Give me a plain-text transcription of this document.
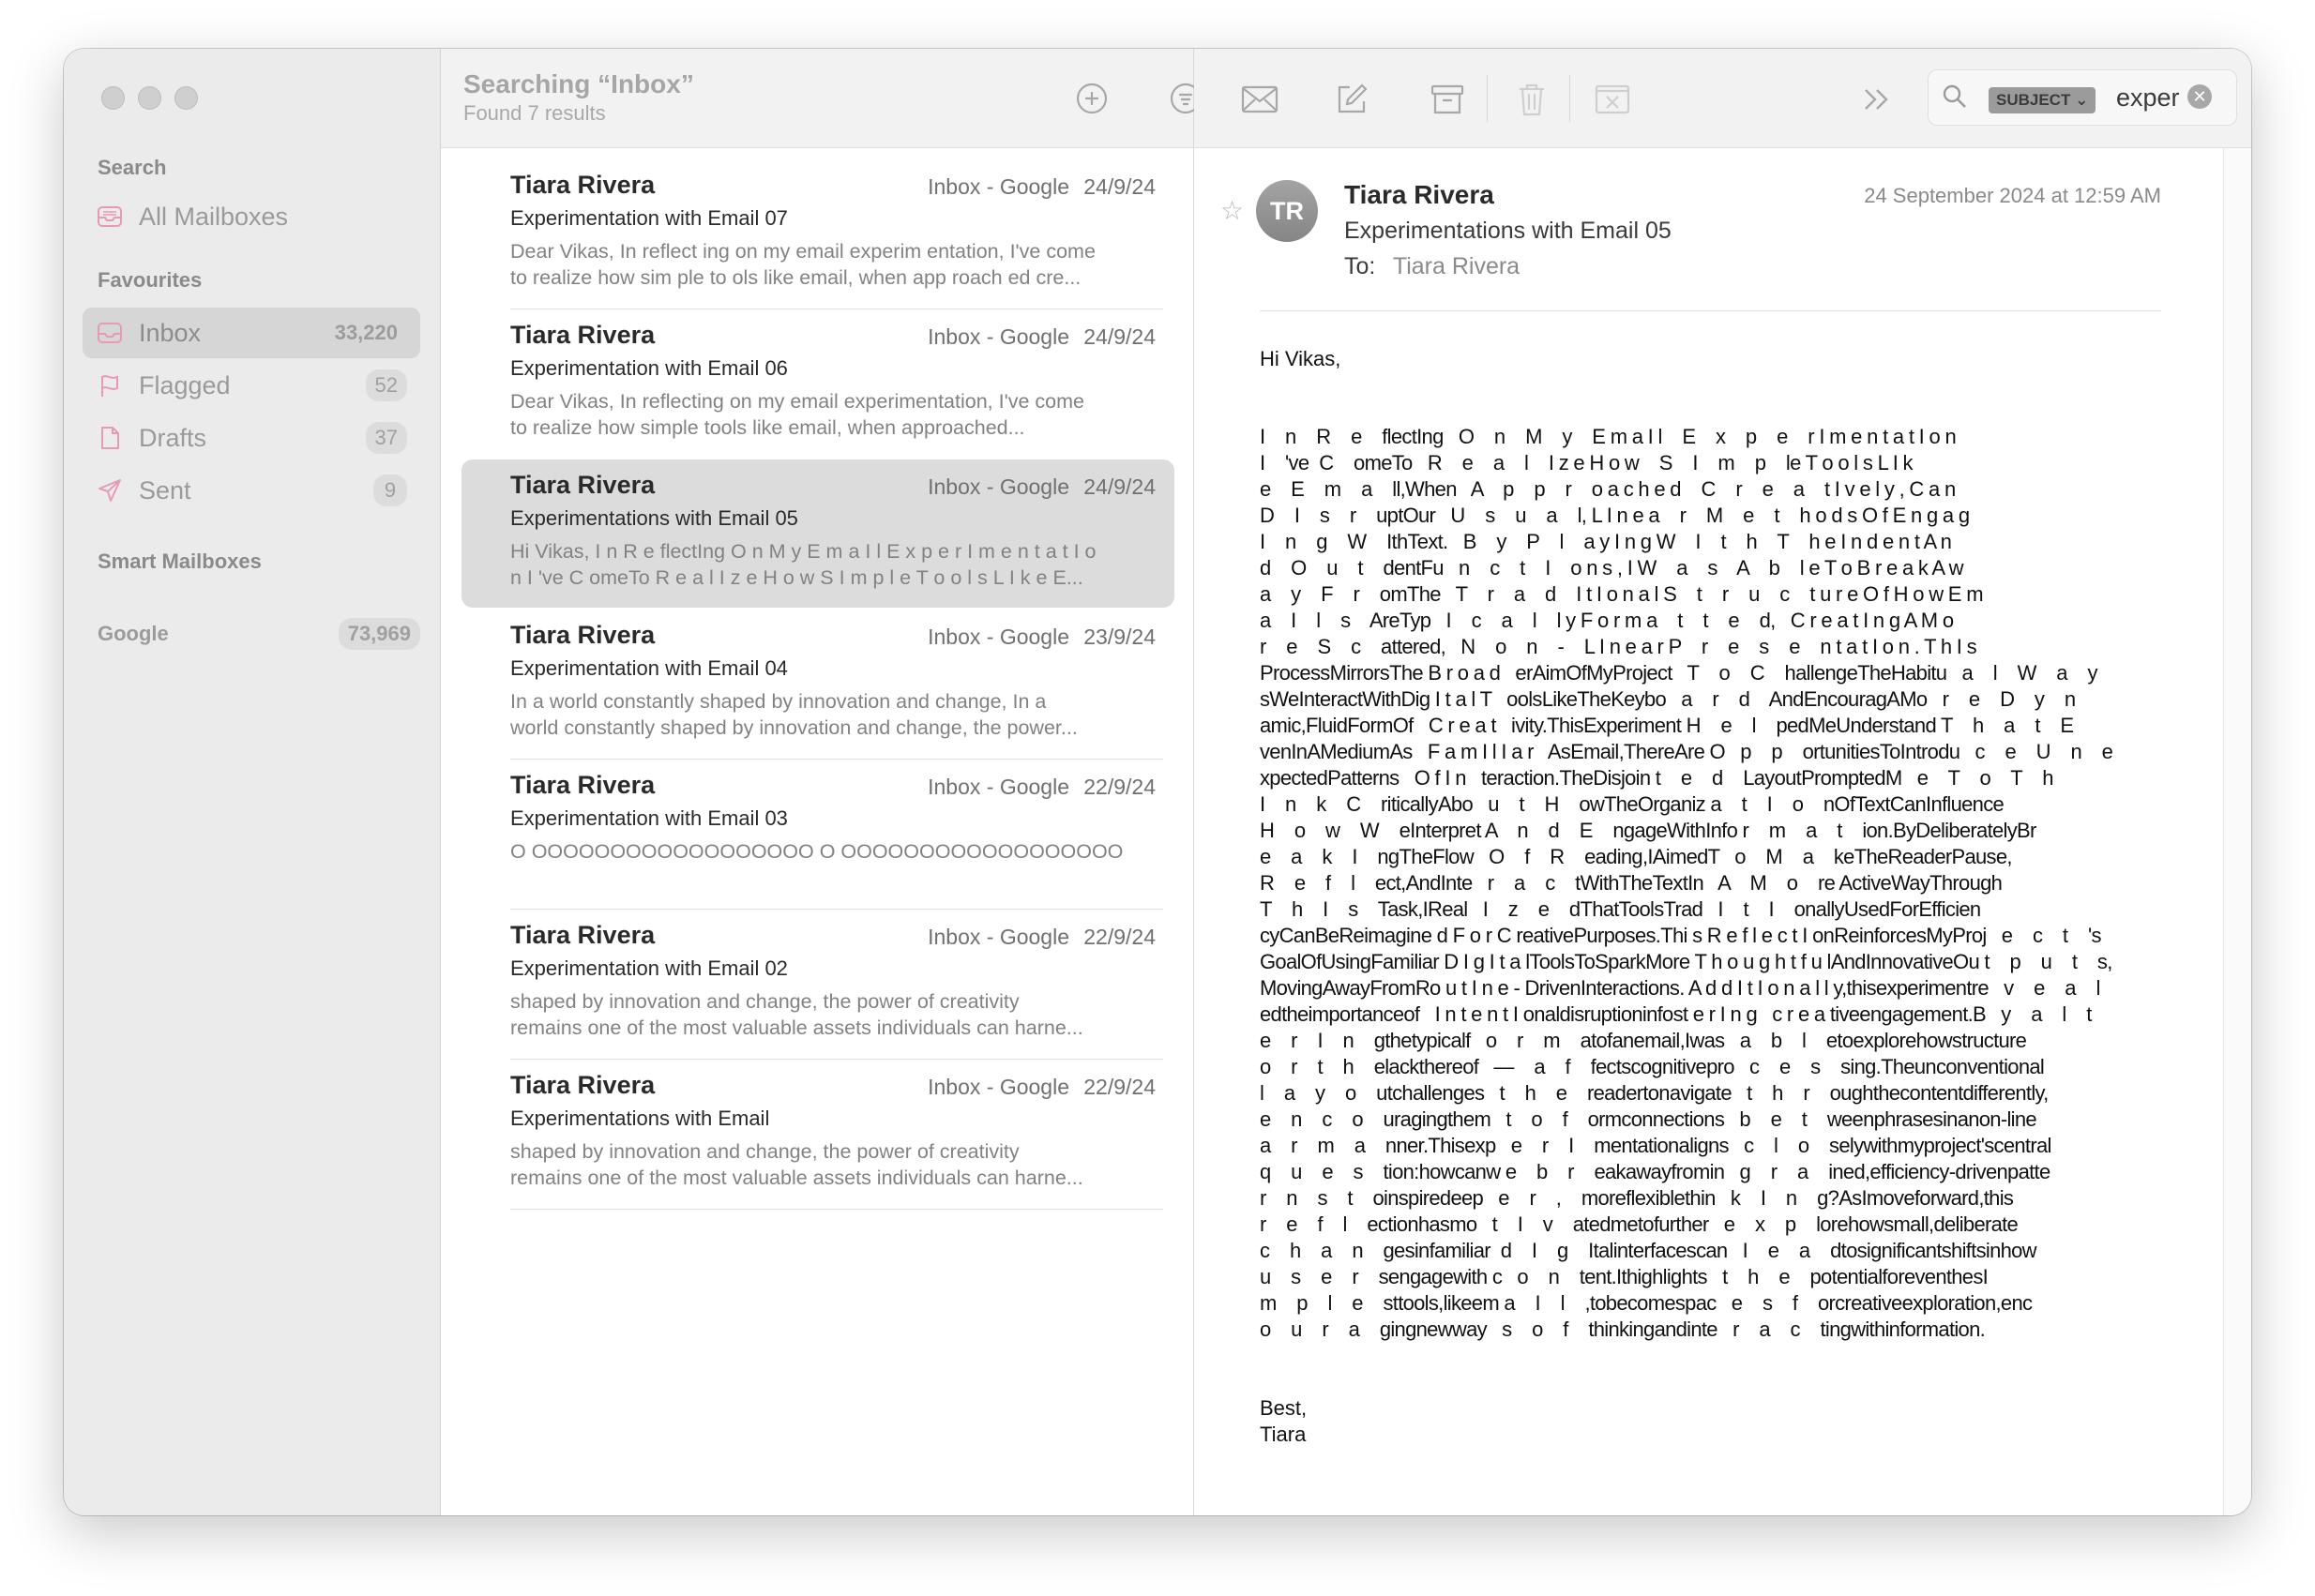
Search
All Mailboxes
Favourites
Inbox	33,220
Flagged	52
Drafts	37
Sent	9
Smart Mailboxes
Google	73,969
Searching “Inbox”
Found 7 results
Tiara Rivera	Inbox - Google 24/9/24
Experimentation with Email 07
Dear Vikas, In reflect ing on my email experim entation, I've come
to realize how sim ple to ols like email, when app roach ed cre...
Tiara Rivera	Inbox - Google 24/9/24
Experimentation with Email 06
Dear Vikas, In reflecting on my email experimentation, I've come
to realize how simple tools like email, when approached...
Tiara Rivera	Inbox - Google 24/9/24
Experimentations with Email 05
Hi Vikas, I n R e flectIng O n M y E m a I l E x p e r I m e n t a t I o
n I 've C omeTo R e a l I z e H o w S I m p l e T o o l s L I k e E...
Tiara Rivera	Inbox - Google 23/9/24
Experimentation with Email 04
In a world constantly shaped by innovation and change, In a
world constantly shaped by innovation and change, the power...
Tiara Rivera	Inbox - Google 22/9/24
Experimentation with Email 03
O OOOOOOOOOOOOOOOOOO O OOOOOOOOOOOOOOOOOO
Tiara Rivera	Inbox - Google 22/9/24
Experimentation with Email 02
shaped by innovation and change, the power of creativity
remains one of the most valuable assets individuals can harne...
Tiara Rivera	Inbox - Google 22/9/24
Experimentations with Email
shaped by innovation and change, the power of creativity
remains one of the most valuable assets individuals can harne...
SUBJECT ⌄ exper ✕
☆	TR
Tiara Rivera
Experimentations with Email 05
To: Tiara Rivera
24 September 2024 at 12:59 AM
Hi Vikas,
I    n    R    e    flectIng   O    n    M    y    E m a I l    E    x    p    e    r I m e n t a t I o n
I    've  C    omeTo   R    e    a    l    I z e H o w    S    I    m    p    le T o o l s L I k
e    E    m    a    ll,When   A    p    p    r    o a c h e d    C    r    e    a    t I v e l y , C a n
D    I    s    r    uptOur   U    s    u    a    l, L I n e a    r    M    e    t    h o d s O f E n g a g
I    n    g    W    IthText.   B    y    P    l    a y I n g W    I    t    h    T    h e I n d e n t A n
d    O    u    t    dentFu   n    c    t    I    o n s , I W    a    s    A    b    l e T o B r e a k A w
a    y    F    r    omThe   T    r    a    d    I t I o n a l S    t    r    u    c    t u r e O f H o w E m
a    I    l    s    AreTyp   I    c    a    l    l y F o r m a    t    t    e    d,   C r e a t I n g A M o
r    e    S    c    attered,   N    o    n    -    L I n e a r P    r    e    s    e    n t a t I o n . T h I s
ProcessMirrorsThe B r o a d   erAimOfMyProject   T    o    C    hallengeTheHabitu   a    l    W    a    y
sWeInteractWithDig I t a l T   oolsLikeTheKeybo   a    r    d    AndEncouragAMo   r    e    D    y    n
amic,FluidFormOf   C r e a t   ivity.ThisExperiment H    e    l    pedMeUnderstand T    h    a    t    E
venInAMediumAs   F a m I l I a r   AsEmail,ThereAre O   p    p    ortunitiesToIntrodu   c    e    U    n    e
xpectedPatterns   O f I n   teraction.TheDisjoin t    e    d    LayoutPromptedM   e    T    o    T    h
I    n    k    C    riticallyAbo   u    t    H    owTheOrganiz a    t    I    o    nOfTextCanInfluence
H    o    w    W    eInterpret A    n    d    E    ngageWithInfo r    m    a    t    ion.ByDeliberatelyBr
e    a    k    I    ngTheFlow   O    f    R    eading,IAimedT   o    M    a    keTheReaderPause,
R    e    f    l    ect,AndInte   r    a    c    tWithTheTextIn   A    M    o    re ActiveWayThrough
T    h    I    s    Task,IReal   I    z    e    dThatToolsTrad   I    t    I    onallyUsedForEfficien
cyCanBeReimagine d F o r C reativePurposes.Thi s R e f l e c t I onReinforcesMyProj   e    c    t    's
GoalOfUsingFamiliar D I g I t a lToolsToSparkMore T h o u g h t f u lAndInnovativeOu t    p    u    t    s,
MovingAwayFromRo u t I n e - DrivenInteractions. A d d I t I o n a l l y,thisexperimentre   v    e    a    l
edtheimportanceof   I n t e n t I onaldisruptioninfost e r I n g   c r e a tiveengagement.B   y    a    l    t
e    r    I    n    gthetypicalf   o    r    m    atofanemail,Iwas   a    b    l    etoexplorehowstructure
o    r    t    h    elackthereof   —    a    f    fectscognitivepro   c    e    s    sing.Theunconventional
l    a    y    o    utchallenges   t    h    e    readertonavigate   t    h    r    oughthecontentdifferently,
e    n    c    o    uragingthem   t    o    f    ormconnections   b    e    t    weenphrasesinanon-line
a    r    m    a    nner.Thisexp   e    r    I    mentationaligns   c    l    o    selywithmyproject'scentral
q    u    e    s    tion:howcanw e    b    r    eakawayfromin   g    r    a    ined,efficiency-drivenpatte
r    n    s    t    oinspiredeep   e    r    ,    moreflexiblethin   k    I    n    g?AsImoveforward,this
r    e    f    l    ectionhasmo   t    I    v    atedmetofurther   e    x    p    lorehowsmall,deliberate
c    h    a    n    gesinfamiliar  d    I    g    Italinterfacescan   I    e    a    dtosignificantshiftsinhow
u    s    e    r    sengagewith c   o    n    tent.Ithighlights   t    h    e    potentialforeventhesI
m    p    l    e    sttools,likeem a    I    l    ,tobecomespac   e    s    f    orcreativeexploration,enc
o    u    r    a    gingnewway   s    o    f    thinkingandinte   r    a    c    tingwithinformation.
Best,
Tiara
